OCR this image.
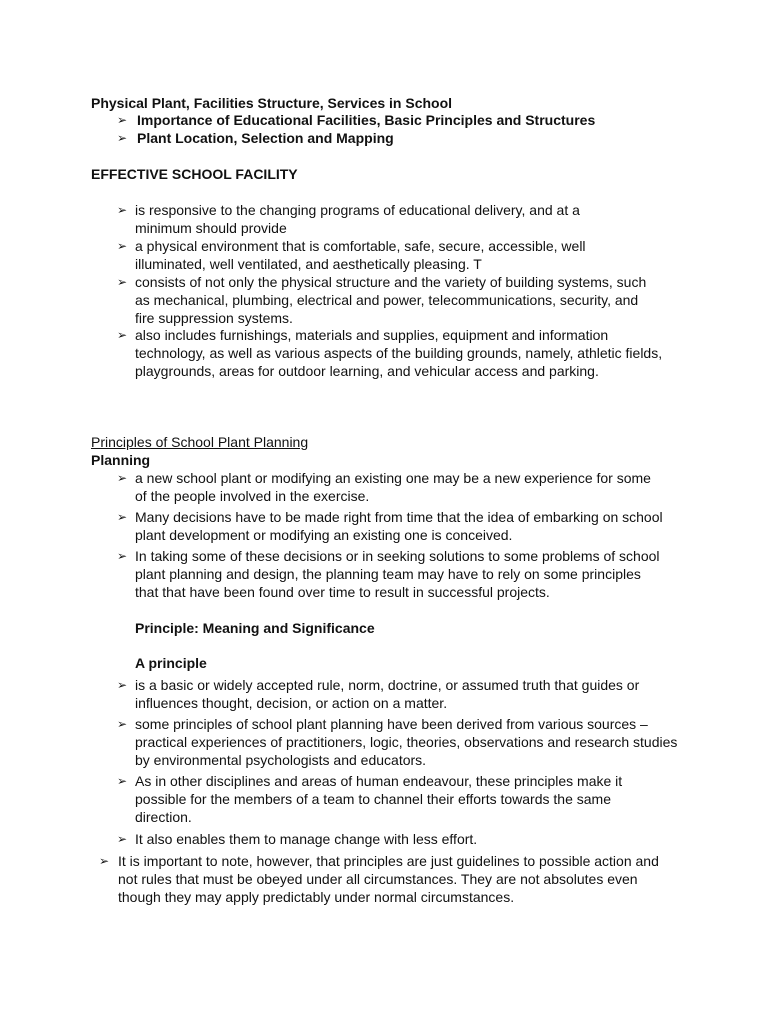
Physical Plant, Facilities Structure, Services in School
➢ Importance of Educational Facilities, Basic Principles and Structures
➢ Plant Location, Selection and Mapping
EFFECTIVE SCHOOL FACILITY
➢ is responsive to the changing programs of educational delivery, and at a minimum should provide
➢ a physical environment that is comfortable, safe, secure, accessible, well illuminated, well ventilated, and aesthetically pleasing. T
➢ consists of not only the physical structure and the variety of building systems, such as mechanical, plumbing, electrical and power, telecommunications, security, and fire suppression systems.
➢ also includes furnishings, materials and supplies, equipment and information technology, as well as various aspects of the building grounds, namely, athletic fields, playgrounds, areas for outdoor learning, and vehicular access and parking.
Principles of School Plant Planning
Planning
➢ a new school plant or modifying an existing one may be a new experience for some of the people involved in the exercise.
➢ Many decisions have to be made right from time that the idea of embarking on school plant development or modifying an existing one is conceived.
➢ In taking some of these decisions or in seeking solutions to some problems of school plant planning and design, the planning team may have to rely on some principles that that have been found over time to result in successful projects.
Principle: Meaning and Significance
A principle
➢ is a basic or widely accepted rule, norm, doctrine, or assumed truth that guides or influences thought, decision, or action on a matter.
➢ some principles of school plant planning have been derived from various sources – practical experiences of practitioners, logic, theories, observations and research studies by environmental psychologists and educators.
➢ As in other disciplines and areas of human endeavour, these principles make it possible for the members of a team to channel their efforts towards the same direction.
➢ It also enables them to manage change with less effort.
➢ It is important to note, however, that principles are just guidelines to possible action and not rules that must be obeyed under all circumstances. They are not absolutes even though they may apply predictably under normal circumstances.
